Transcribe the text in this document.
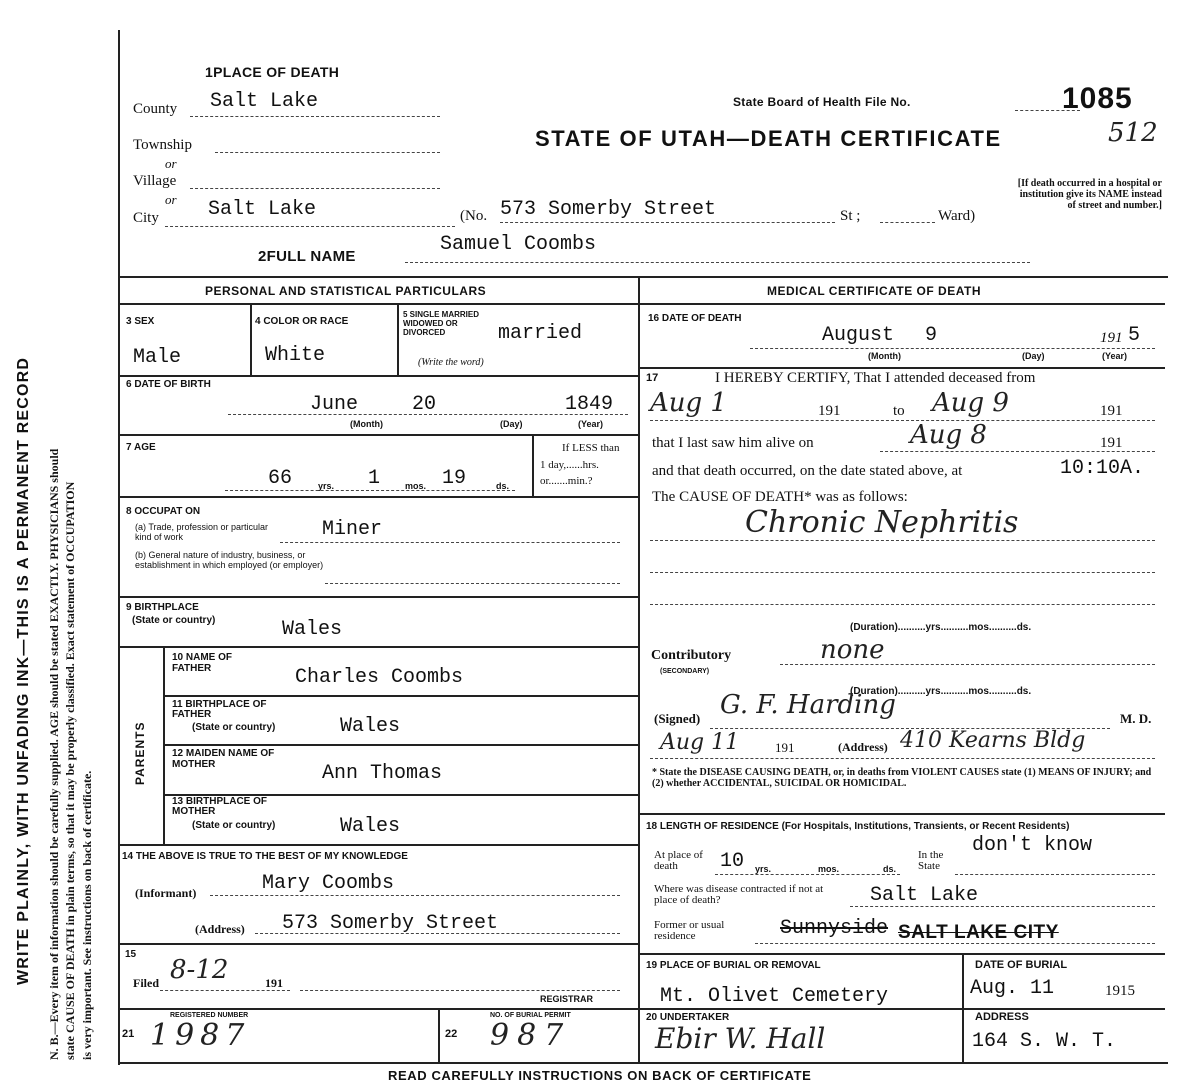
WRITE PLAINLY, WITH UNFADING INK—THIS IS A PERMANENT RECORD N. B.—Every item of information should be carefully supplied. AGE should be stated EXACTLY. PHYSICIANS should state CAUSE OF DEATH in plain terms, so that it may be properly classified. Exact statement of OCCUPATION is very important. See instructions on back of certificate.
1PLACE OF DEATH
County Salt Lake
Township
or
Village
or
City Salt Lake	(No. 573 Somerby Street	St ;	Ward)
State Board of Health File No.	1085
512
STATE OF UTAH—DEATH CERTIFICATE
[If death occurred in a hospital or institution give its NAME instead of street and number.]
2FULL NAME
Samuel Coombs
PERSONAL AND STATISTICAL PARTICULARS	MEDICAL CERTIFICATE OF DEATH
3 SEX
Male
4 COLOR OR RACE
White
5 SINGLE MARRIED WIDOWED OR DIVORCED
(Write the word)
married
6 DATE OF BIRTH
June	20	1849
(Month)	(Day)	(Year)
7 AGE
66	yrs. 1	mos. 19	ds.
If LESS than
1 day,......hrs.
or.......min.?
8 OCCUPAT ON
(a) Trade, profession or particular kind of work	Miner
(b) General nature of industry, business, or establishment in which employed (or employer)
9 BIRTHPLACE
(State or country)	Wales
PARENTS
10 NAME OF FATHER	Charles Coombs
11 BIRTHPLACE OF FATHER
(State or country)	Wales
12 MAIDEN NAME OF MOTHER	Ann Thomas
13 BIRTHPLACE OF MOTHER
(State or country)	Wales
14 THE ABOVE IS TRUE TO THE BEST OF MY KNOWLEDGE
(Informant)	Mary Coombs
(Address) 573 Somerby Street
15
Filed 8-12	191
REGISTRAR
21
REGISTERED NUMBER
1987	22
NO. OF BURIAL PERMIT
987
16 DATE OF DEATH
August 9	191 5
(Month)	(Day)	(Year)
17	I HEREBY CERTIFY, That I attended deceased from
Aug 1	191	to Aug 9	191
that I last saw him alive on	Aug 8	191
and that death occurred, on the date stated above, at	10:10A.
The CAUSE OF DEATH* was as follows:
Chronic Nephritis
(Duration)..........yrs..........mos..........ds.
Contributory
(SECONDARY)
none
(Duration)..........yrs..........mos..........ds.
(Signed) G. F. Harding	M. D.
Aug 11	191	(Address) 410 Kearns Bldg
* State the DISEASE CAUSING DEATH, or, in deaths from VIOLENT CAUSES state (1) MEANS OF INJURY; and (2) whether ACCIDENTAL, SUICIDAL OR HOMICIDAL.
18 LENGTH OF RESIDENCE (For Hospitals, Institutions, Transients, or Recent Residents)
At place of death	10 yrs.	mos.	ds.
In the State
don't know
Where was disease contracted if not at place of death?	Salt Lake
Former or usual residence	Sunnyside SALT LAKE CITY
19 PLACE OF BURIAL OR REMOVAL
Mt. Olivet Cemetery
DATE OF BURIAL
Aug. 11	1915
20 UNDERTAKER
Ebir W. Hall
ADDRESS
164 S. W. T.
READ CAREFULLY INSTRUCTIONS ON BACK OF CERTIFICATE
